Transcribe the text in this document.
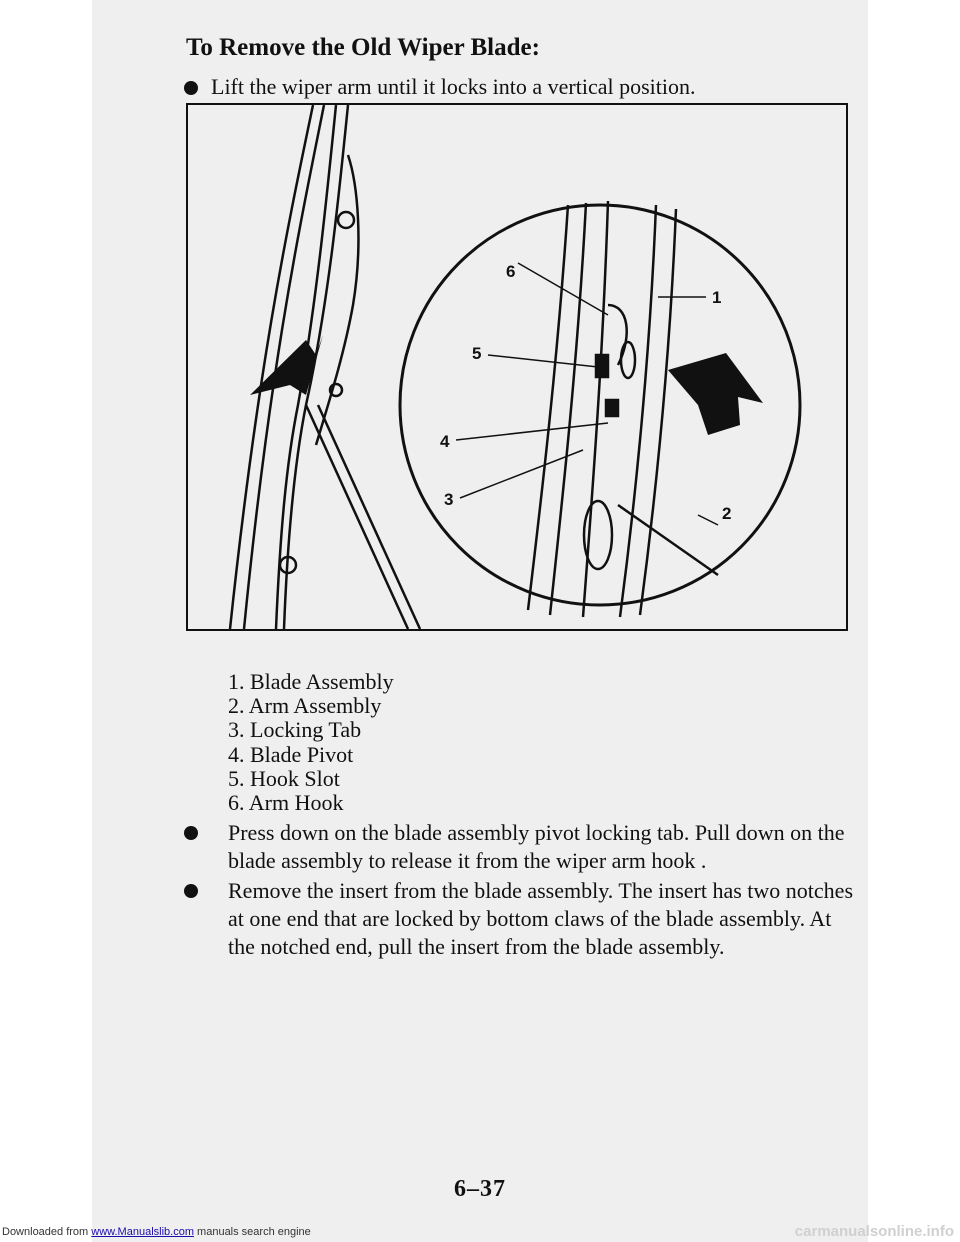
To Remove the Old Wiper Blade:
Lift the wiper arm until it locks into a vertical position.
1
2
3
4
5
6
1. Blade Assembly
2. Arm Assembly
3. Locking Tab
4. Blade Pivot
5. Hook Slot
6. Arm Hook
Press down on the blade assembly pivot locking tab. Pull down on the
blade assembly to release it from the wiper arm hook .
Remove the insert from the blade assembly. The insert has two notches
at one end that are locked by bottom claws of the blade assembly. At
the notched end, pull the insert from the blade assembly.
6–37
Downloaded from www.Manualslib.com manuals search engine	carmanualsonline.info
